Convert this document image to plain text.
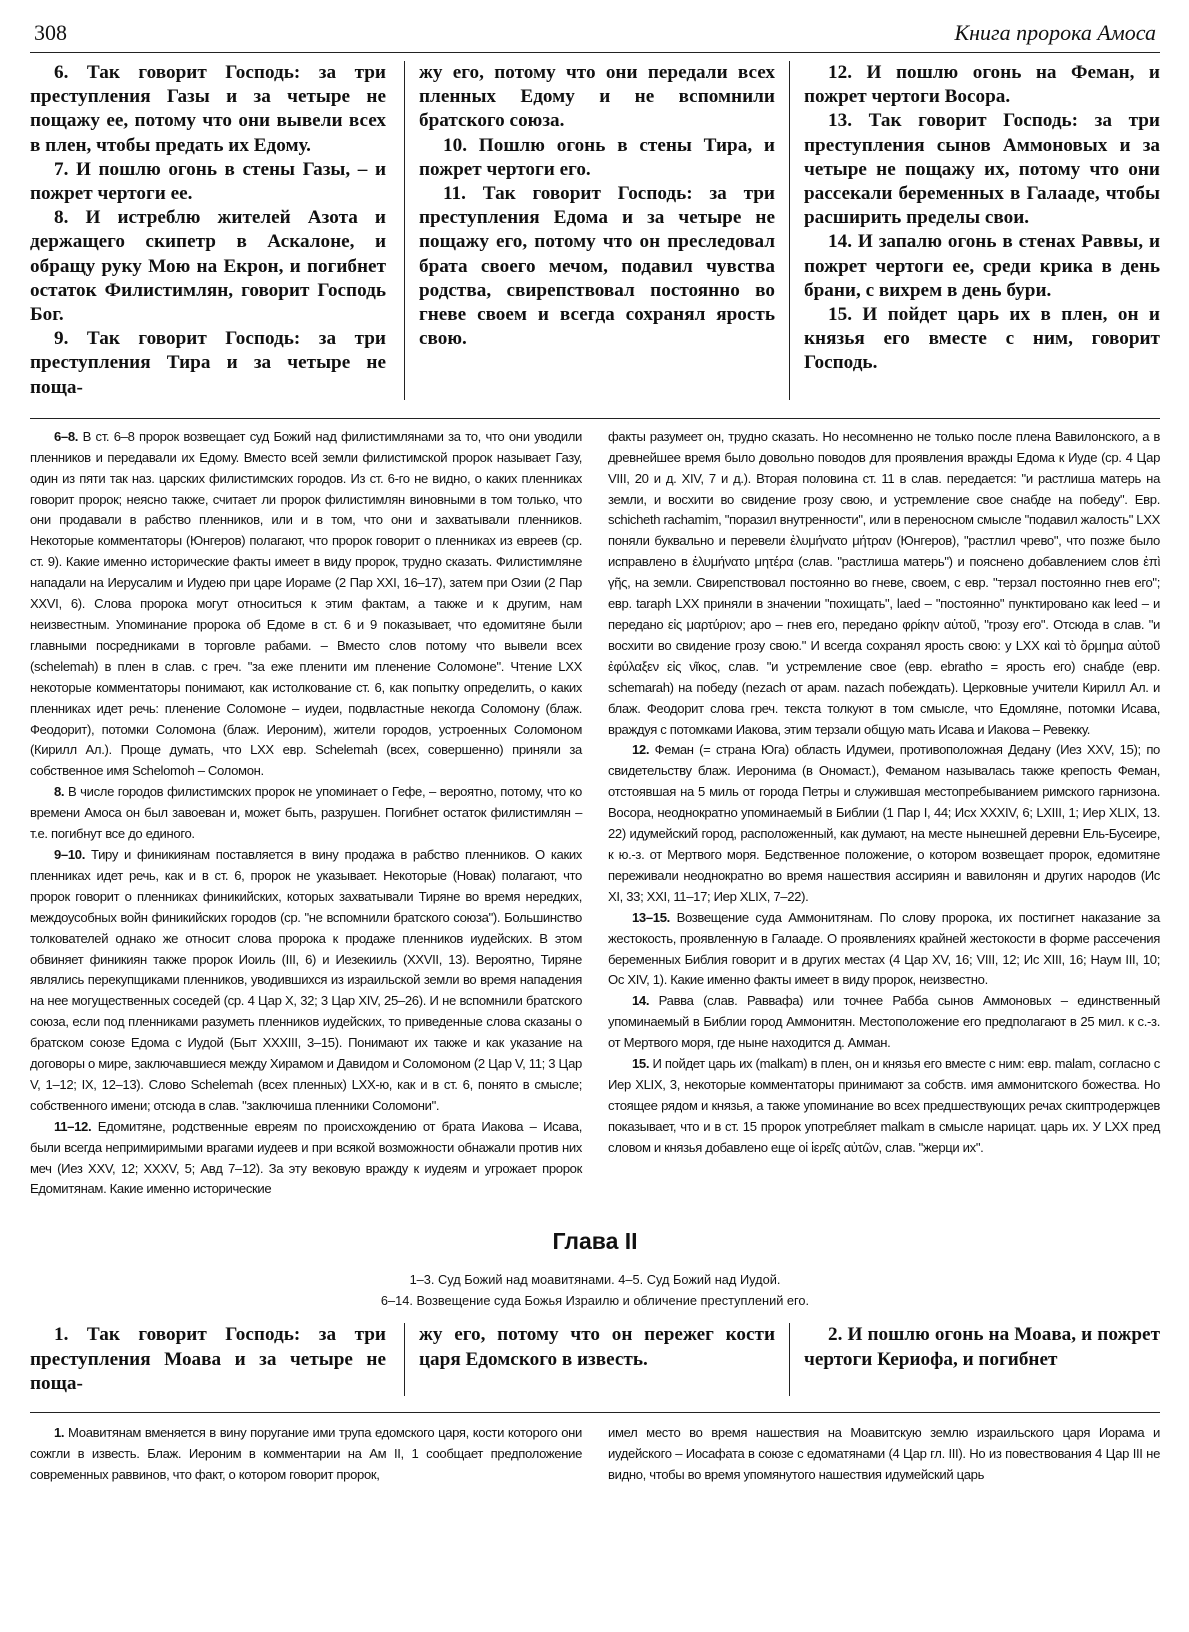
308	Книга пророка Амоса

6. Так говорит Господь: за три преступления Газы и за четыре не пощажу ее, потому что они вывели всех в плен, чтобы предать их Едому.

7. И пошлю огонь в стены Газы, – и пожрет чертоги ее.

8. И истреблю жителей Азота и держащего скипетр в Аскалоне, и обращу руку Мою на Екрон, и погибнет остаток Филистимлян, говорит Господь Бог.

9. Так говорит Господь: за три преступления Тира и за четыре не поща-

жу его, потому что они передали всех пленных Едому и не вспомнили братского союза.

10. Пошлю огонь в стены Тира, и пожрет чертоги его.

11. Так говорит Господь: за три преступления Едома и за четыре не пощажу его, потому что он преследовал брата своего мечом, подавил чувства родства, свирепствовал постоянно во гневе своем и всегда сохранял ярость свою.

12. И пошлю огонь на Феман, и пожрет чертоги Восора.

13. Так говорит Господь: за три преступления сынов Аммоновых и за четыре не пощажу их, потому что они рассекали беременных в Галааде, чтобы расширить пределы свои.

14. И запалю огонь в стенах Раввы, и пожрет чертоги ее, среди крика в день брани, с вихрем в день бури.

15. И пойдет царь их в плен, он и князья его вместе с ним, говорит Господь.

6–8. В ст. 6–8 пророк возвещает суд Божий над филистимлянами за то, что они уводили пленников и передавали их Едому. Вместо всей земли филистимской пророк называет Газу, один из пяти так наз. царских филистимских городов. Из ст. 6-го не видно, о каких пленниках говорит пророк; неясно также, считает ли пророк филистимлян виновными в том только, что они продавали в рабство пленников, или и в том, что они и захватывали пленников. Некоторые комментаторы (Юнгеров) полагают, что пророк говорит о пленниках из евреев (ср. ст. 9). Какие именно исторические факты имеет в виду пророк, трудно сказать. Филистимляне нападали на Иерусалим и Иудею при царе Иораме (2 Пар XXI, 16–17), затем при Озии (2 Пар XXVI, 6). Слова пророка могут относиться к этим фактам, а также и к другим, нам неизвестным. Упоминание пророка об Едоме в ст. 6 и 9 показывает, что едомитяне были главными посредниками в торговле рабами. – Вместо слов потому что вывели всех (schelemah) в плен в слав. с греч. "за еже пленити им пленение Соломоне". Чтение LXX некоторые комментаторы понимают, как истолкование ст. 6, как попытку определить, о каких пленниках идет речь: пленение Соломоне – иудеи, подвластные некогда Соломону (блаж. Феодорит), потомки Соломона (блаж. Иероним), жители городов, устроенных Соломоном (Кирилл Ал.). Проще думать, что LXX евр. Schelemah (всех, совершенно) приняли за собственное имя Schelomoh – Соломон.

8. В числе городов филистимских пророк не упоминает о Гефе, – вероятно, потому, что ко времени Амоса он был завоеван и, может быть, разрушен. Погибнет остаток филистимлян – т.е. погибнут все до единого.

9–10. Тиру и финикиянам поставляется в вину продажа в рабство пленников. О каких пленниках идет речь, как и в ст. 6, пророк не указывает. Некоторые (Новак) полагают, что пророк говорит о пленниках финикийских, которых захватывали Тиряне во время нередких, междоусобных войн финикийских городов (ср. "не вспомнили братского союза"). Большинство толкователей однако же относит слова пророка к продаже пленников иудейских. В этом обвиняет финикиян также пророк Иоиль (III, 6) и Иезекииль (XXVII, 13). Вероятно, Тиряне являлись перекупщиками пленников, уводившихся из израильской земли во время нападения на нее могущественных соседей (ср. 4 Цар X, 32; 3 Цар XIV, 25–26). И не вспомнили братского союза, если под пленниками разуметь пленников иудейских, то приведенные слова сказаны о братском союзе Едома с Иудой (Быт XXXIII, 3–15). Понимают их также и как указание на договоры о мире, заключавшиеся между Хирамом и Давидом и Соломоном (2 Цар V, 11; 3 Цар V, 1–12; IX, 12–13). Слово Schelemah (всех пленных) LXX-ю, как и в ст. 6, понято в смысле; собственного имени; отсюда в слав. "заключиша пленники Соломони".

11–12. Едомитяне, родственные евреям по происхождению от брата Иакова – Исава, были всегда непримиримыми врагами иудеев и при всякой возможности обнажали против них меч (Иез XXV, 12; XXXV, 5; Авд 7–12). За эту вековую вражду к иудеям и угрожает пророк Едомитянам. Какие именно исторические

факты разумеет он, трудно сказать. Но несомненно не только после плена Вавилонского, а в древнейшее время было довольно поводов для проявления вражды Едома к Иуде (ср. 4 Цар VIII, 20 и д. XIV, 7 и д.). Вторая половина ст. 11 в слав. передается: "и растлиша матерь на земли, и восхити во свидение грозу свою, и устремление свое снабде на победу". Евр. schicheth rachamim, "поразил внутренности", или в переносном смысле "подавил жалость" LXX поняли буквально и перевели ἐλυμήνατο μήτραν (Юнгеров), "растлил чрево", что позже было исправлено в ἐλυμήνατο μητέρα (слав. "растлиша матерь") и пояснено добавлением слов ἐπὶ γῆς, на земли. Свирепствовал постоянно во гневе, своем, с евр. "терзал постоянно гнев его"; евр. taraph LXX приняли в значении "похищать", laed – "постоянно" пунктировано как leed – и передано εἰς μαρτύριον; аро – гнев его, передано φρίκην αὐτοῦ, "грозу его". Отсюда в слав. "и восхити во свидение грозу свою." И всегда сохранял ярость свою: у LXX καὶ τὸ ὅρμημα αὐτοῦ ἐφύλαξεν εἰς νῖκος, слав. "и устремление свое (евр. ebratho = ярость его) снабде (евр. schemarah) на победу (nezach от арам. nazach побеждать). Церковные учители Кирилл Ал. и блаж. Феодорит слова греч. текста толкуют в том смысле, что Едомляне, потомки Исава, враждуя с потомками Иакова, этим терзали общую мать Исава и Иакова – Ревекку.

12. Феман (= страна Юга) область Идумеи, противоположная Дедану (Иез XXV, 15); по свидетельству блаж. Иеронима (в Ономаст.), Феманом называлась также крепость Феман, отстоявшая на 5 миль от города Петры и служившая местопребыванием римского гарнизона. Восора, неоднократно упоминаемый в Библии (1 Пар I, 44; Исх XXXIV, 6; LXIII, 1; Иер XLIX, 13. 22) идумейский город, расположенный, как думают, на месте нынешней деревни Ель-Бусеире, к ю.-з. от Мертвого моря. Бедственное положение, о котором возвещает пророк, едомитяне переживали неоднократно во время нашествия ассириян и вавилонян и других народов (Ис XI, 33; XXI, 11–17; Иер XLIX, 7–22).

13–15. Возвещение суда Аммонитянам. По слову пророка, их постигнет наказание за жестокость, проявленную в Галааде. О проявлениях крайней жестокости в форме рассечения беременных Библия говорит и в других местах (4 Цар XV, 16; VIII, 12; Ис XIII, 16; Наум III, 10; Ос XIV, 1). Какие именно факты имеет в виду пророк, неизвестно.

14. Равва (слав. Раввафа) или точнее Рабба сынов Аммоновых – единственный упоминаемый в Библии город Аммонитян. Местоположение его предполагают в 25 мил. к с.-з. от Мертвого моря, где ныне находится д. Амман.

15. И пойдет царь их (malkam) в плен, он и князья его вместе с ним: евр. malam, согласно с Иер XLIX, 3, некоторые комментаторы принимают за собств. имя аммонитского божества. Но стоящее рядом и князья, а также упоминание во всех предшествующих речах скиптродержцев показывает, что и в ст. 15 пророк употребляет malkam в смысле нарицат. царь их. У LXX пред словом и князья добавлено еще οἱ ἱερεῖς αὐτῶν, слав. "жерци их".

Глава II
1–3. Суд Божий над моавитянами. 4–5. Суд Божий над Иудой.
6–14. Возвещение суда Божья Израилю и обличение преступлений его.

1. Так говорит Господь: за три преступления Моава и за четыре не поща-

жу его, потому что он пережег кости царя Едомского в известь.

2. И пошлю огонь на Моава, и пожрет чертоги Кериофа, и погибнет

1. Моавитянам вменяется в вину поругание ими трупа едомского царя, кости которого они сожгли в известь. Блаж. Иероним в комментарии на Ам II, 1 сообщает предположение современных раввинов, что факт, о котором говорит пророк,

имел место во время нашествия на Моавитскую землю израильского царя Иорама и иудейского – Иосафата в союзе с едоматянами (4 Цар гл. III). Но из повествования 4 Цар III не видно, чтобы во время упомянутого нашествия идумейский царь
